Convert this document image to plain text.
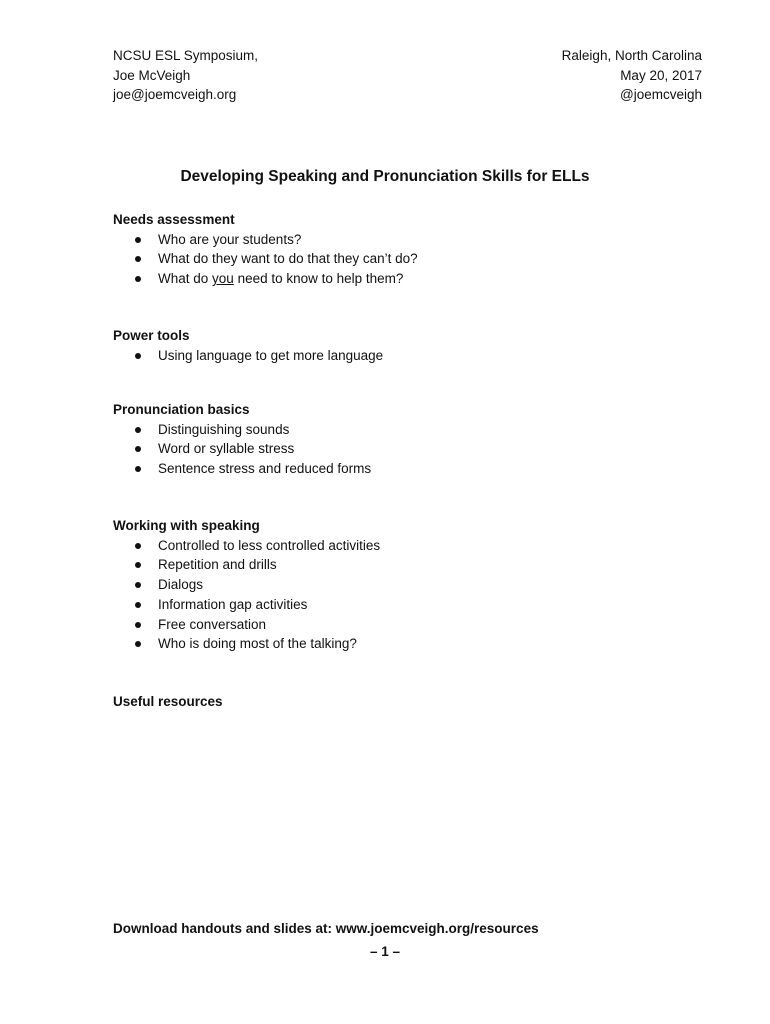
NCSU ESL Symposium,
Joe McVeigh
joe@joemcveigh.org
Raleigh, North Carolina
May 20, 2017
@joemcveigh
Developing Speaking and Pronunciation Skills for ELLs
Needs assessment
Who are your students?
What do they want to do that they can’t do?
What do you need to know to help them?
Power tools
Using language to get more language
Pronunciation basics
Distinguishing sounds
Word or syllable stress
Sentence stress and reduced forms
Working with speaking
Controlled to less controlled activities
Repetition and drills
Dialogs
Information gap activities
Free conversation
Who is doing most of the talking?
Useful resources
Download handouts and slides at: www.joemcveigh.org/resources
– 1 –
